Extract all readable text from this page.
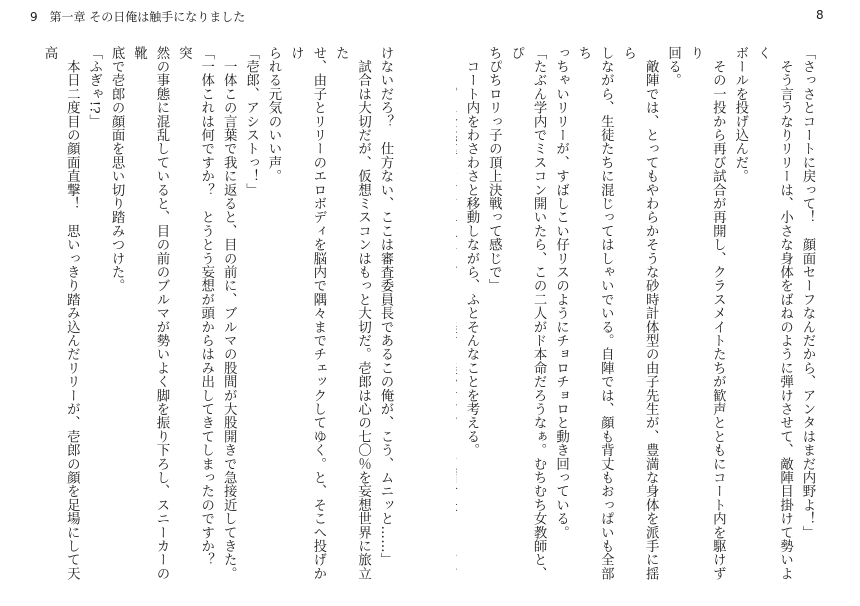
9 第一章 その日俺は触手になりました	8

「さっさとコートに戻って！　顔面セーフなんだから、アンタはまだ内野よ！」

　そう言うなりリリーは、小さな身体をばねのように弾けさせて、敵陣目掛けて勢いよく

ボールを投げ込んだ。

　その一投から再び試合が再開し、クラスメイトたちが歓声とともにコート内を駆けずり

回る。

　敵陣では、とってもやわらかそうな砂時計体型の由子先生が、豊満な身体を派手に揺ら

しながら、生徒たちに混じってはしゃいでいる。自陣では、顔も背丈もおっぱいも全部ち

っちゃいリリーが、すばしこい仔リスのようにチョロチョロと動き回っている。

「たぶん学内でミスコン開いたら、この二人がド本命だろうなぁ。むちむち女教師と、ぴ

ちぴちロリっ子の頂上決戦って感じで」

　コート内をわさわさと移動しながら、ふとそんなことを考える。

けないだろ？　仕方ない、ここは審査委員長であるこの俺が、こう、ムニッと……」

　試合は大切だが、仮想ミスコンはもっと大切だ。壱郎は心の七〇％を妄想世界に旅立た

せ、由子とリリーのエロボディを脳内で隅々までチェックしてゆく。と、そこへ投げかけ

られる元気のいい声。

「壱郎、アシストっ！」

　一体この言葉で我に返ると、目の前に、ブルマの股間が大股開きで急接近してきた。

「一体これは何ですか？　とうとう妄想が頭からはみ出してきてしまったのですか？　突

然の事態に混乱していると、目の前のブルマが勢いよく脚を振り下ろし、スニーカーの靴

底で壱郎の顔面を思い切り踏みつけた。

「ふぎゃ!?」

　本日二度目の顔面直撃！　思いっきり踏み込んだリリーが、壱郎の顔を足場にして天高
